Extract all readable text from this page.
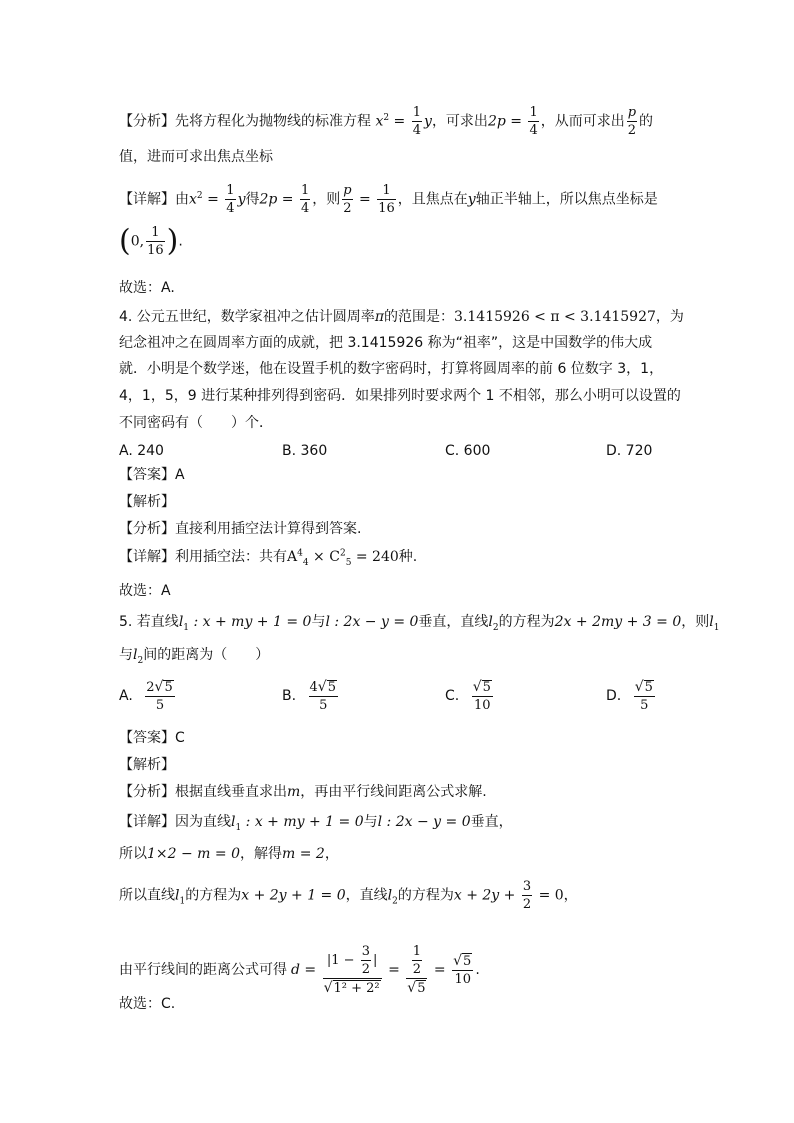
【分析】先将方程化为抛物线的标准方程 $x^2 = \frac{1}{4}$ y，可求出$2p = \frac{1}{4}$ ，从而可求出 $\frac{p}{2}$ 的
值，进而可求出焦点坐标
【详解】由$x^2 = \frac{1}{4}$ y得$2p = \frac{1}{4}$ ，则 $\frac{p}{2} = \frac{1}{16}$ ，且焦点在y轴正半轴上，所以焦点坐标是
(0, $\frac{1}{16}$ ).
故选：A.
4. 公元五世纪，数学家祖冲之估计圆周率π的范围是：3.1415926 < π < 3.1415927，为
纪念祖冲之在圆周率方面的成就，把 3.1415926 称为“祖率”，这是中国数学的伟大成
就．小明是个数学迷，他在设置手机的数字密码时，打算将圆周率的前 6 位数字 3，1，
4，1，5，9 进行某种排列得到密码．如果排列时要求两个 1 不相邻，那么小明可以设置的
不同密码有（　　）个．
A. 240	B. 360	C. 600	D. 720
【答案】A
【解析】
【分析】直接利用插空法计算得到答案.
【详解】利用插空法：共有$A^4_4 \times C^2_5 = 240$种.
故选：A
5. 若直线$l_1$ : x + my + 1 = 0与l : 2x − y = 0垂直，直线$l_2$的方程为2x + 2my + 3 = 0，则$l_1$
与$l_2$间的距离为（　　）
A. $\frac{2 √ 5}{5}$	B. $\frac{4 √ 5}{5}$	C. $\frac{√ 5}{10}$	D. $\frac{√ 5}{5}$
【答案】C
【解析】
【分析】根据直线垂直求出m，再由平行线间距离公式求解.
【详解】因为直线$l_1$ : x + my + 1 = 0与l : 2x − y = 0垂直，
所以1×2 − m = 0，解得m = 2，
所以直线$l_1$的方程为x + 2y + 1 = 0，直线$l_2$的方程为$x + 2y + \frac{3}{2} = 0$，
由平行线间的距离公式可得 $d = \frac{|1 - \frac{3}{2} |}{\text{√1² + 2²}} = \frac{\frac{1}{2}}{√5} = \frac{√5}{10}$ .
故选：C.
